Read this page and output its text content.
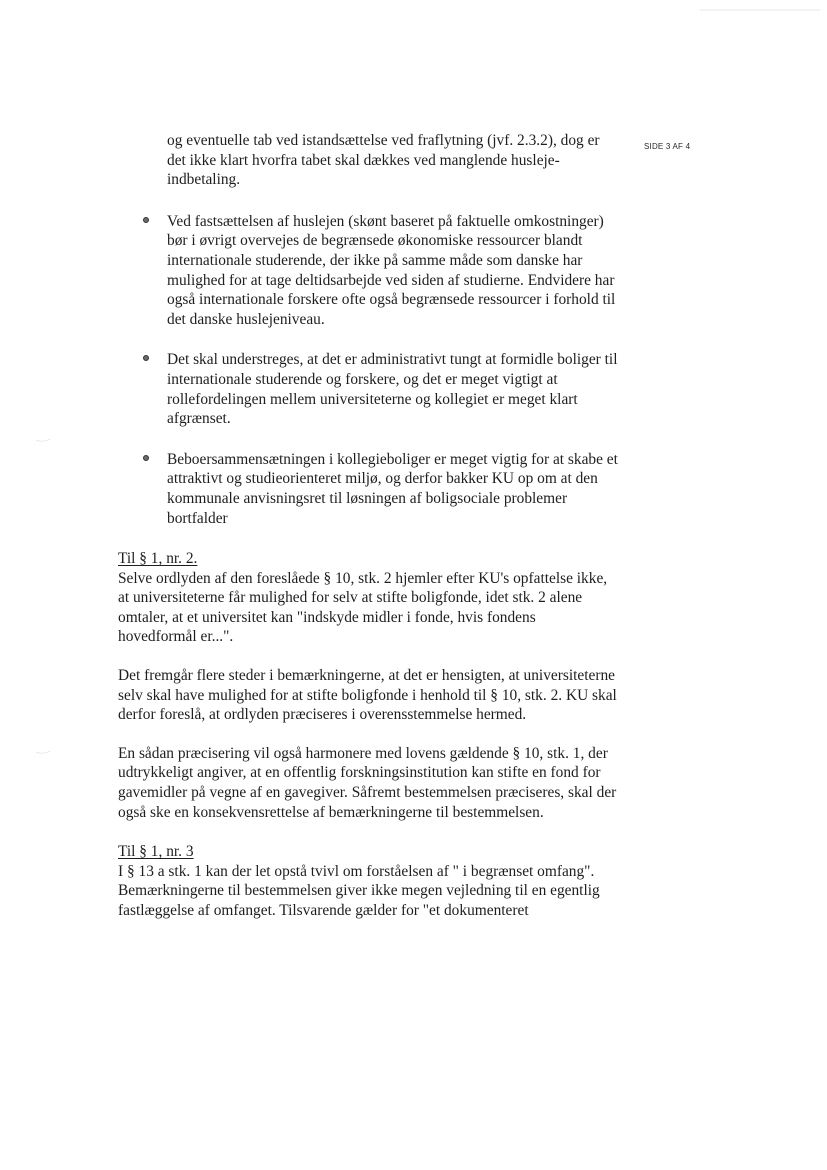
SIDE 3 AF 4

og eventuelle tab ved istandsættelse ved fraflytning (jvf. 2.3.2), dog er det ikke klart hvorfra tabet skal dækkes ved manglende husleje-indbetaling.

Ved fastsættelsen af huslejen (skønt baseret på faktuelle omkostninger) bør i øvrigt overvejes de begrænsede økonomiske ressourcer blandt internationale studerende, der ikke på samme måde som danske har mulighed for at tage deltidsarbejde ved siden af studierne. Endvidere har også internationale forskere ofte også begrænsede ressourcer i forhold til det danske huslejeniveau.
Det skal understreges, at det er administrativt tungt at formidle boliger til internationale studerende og forskere, og det er meget vigtigt at rollefordelingen mellem universiteterne og kollegiet er meget klart afgrænset.
Beboersammensætningen i kollegieboliger er meget vigtig for at skabe et attraktivt og studieorienteret miljø, og derfor bakker KU op om at den kommunale anvisningsret til løsningen af boligsociale problemer bortfalder
Til § 1, nr. 2.

Selve ordlyden af den foreslåede § 10, stk. 2 hjemler efter KU's opfattelse ikke, at universiteterne får mulighed for selv at stifte boligfonde, idet stk. 2 alene omtaler, at et universitet kan "indskyde midler i fonde, hvis fondens hovedformål er...".

Det fremgår flere steder i bemærkningerne, at det er hensigten, at universiteterne selv skal have mulighed for at stifte boligfonde i henhold til § 10, stk. 2. KU skal derfor foreslå, at ordlyden præciseres i overensstemmelse hermed.

En sådan præcisering vil også harmonere med lovens gældende § 10, stk. 1, der udtrykkeligt angiver, at en offentlig forskningsinstitution kan stifte en fond for gavemidler på vegne af en gavegiver. Såfremt bestemmelsen præciseres, skal der også ske en konsekvensrettelse af bemærkningerne til bestemmelsen.

Til § 1, nr. 3

I § 13 a stk. 1 kan der let opstå tvivl om forståelsen af " i begrænset omfang". Bemærkningerne til bestemmelsen giver ikke megen vejledning til en egentlig fastlæggelse af omfanget. Tilsvarende gælder for "et dokumenteret
